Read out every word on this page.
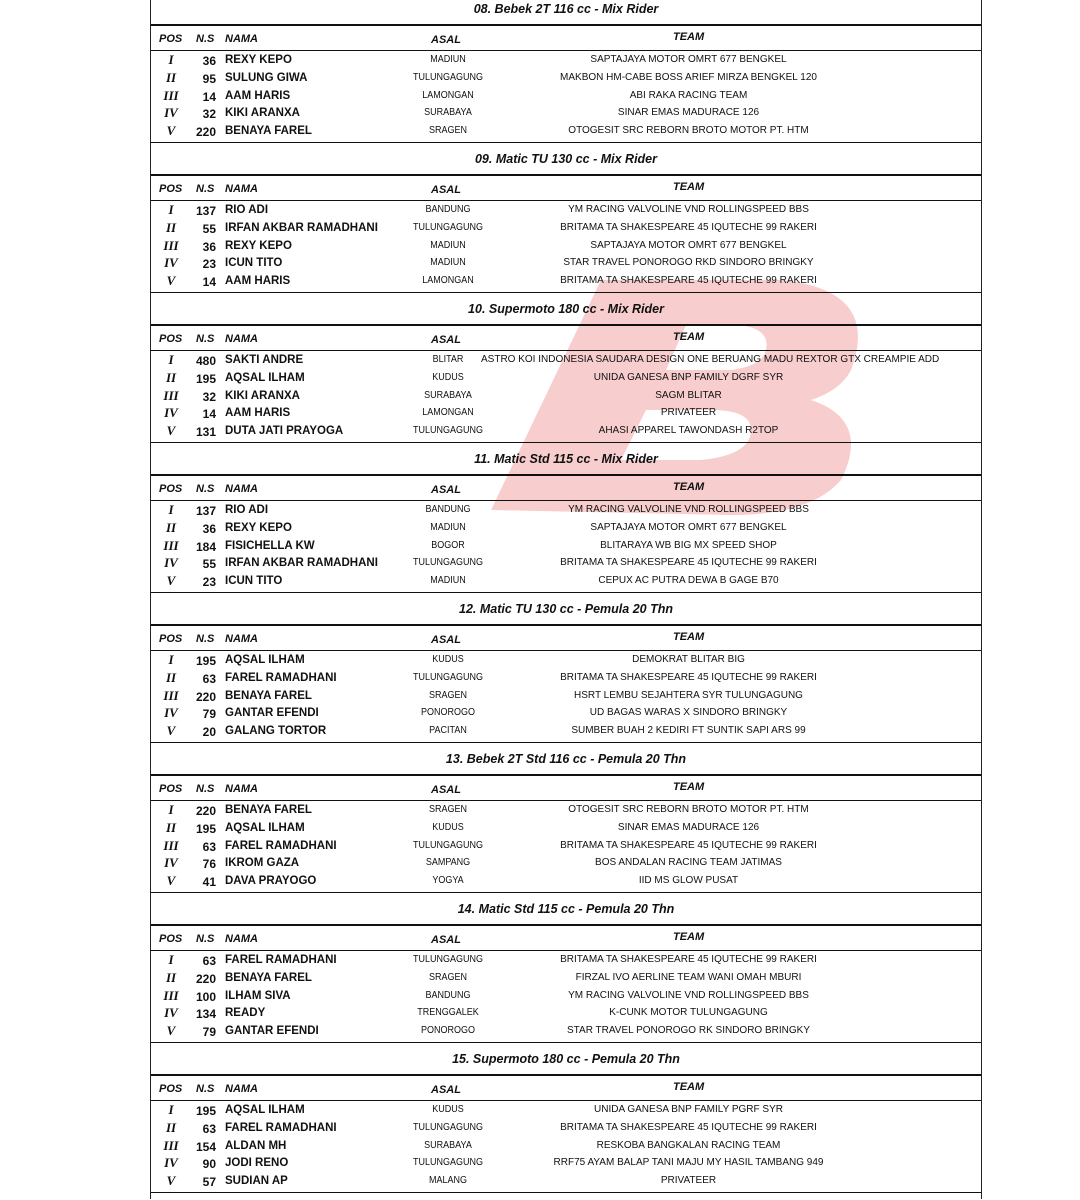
08. Bebek 2T 116 cc - Mix Rider
POS N.S NAMA	ASAL	TEAM
I	36 REXY KEPO	MADIUN	SAPTAJAYA MOTOR OMRT 677 BENGKEL
II	95 SULUNG GIWA	TULUNGAGUNG	MAKBON HM-CABE BOSS ARIEF MIRZA BENGKEL 120
III	14 AAM HARIS	LAMONGAN	ABI RAKA RACING TEAM
IV	32 KIKI ARANXA	SURABAYA	SINAR EMAS MADURACE 126
V	220 BENAYA FAREL	SRAGEN	OTOGESIT SRC REBORN BROTO MOTOR PT. HTM
09. Matic TU 130 cc - Mix Rider
POS N.S NAMA	ASAL	TEAM
I	137 RIO ADI	BANDUNG	YM RACING VALVOLINE VND ROLLINGSPEED BBS
II	55 IRFAN AKBAR RAMADHANI	TULUNGAGUNG	BRITAMA TA SHAKESPEARE 45 IQUTECHE 99 RAKERI
III	36 REXY KEPO	MADIUN	SAPTAJAYA MOTOR OMRT 677 BENGKEL
IV	23 ICUN TITO	MADIUN	STAR TRAVEL PONOROGO RKD SINDORO BRINGKY
V	14 AAM HARIS	LAMONGAN	BRITAMA TA SHAKESPEARE 45 IQUTECHE 99 RAKERI
10. Supermoto 180 cc - Mix Rider
POS N.S NAMA	ASAL	TEAM
I	480 SAKTI ANDRE	BLITAR	ASTRO KOI INDONESIA SAUDARA DESIGN ONE BERUANG MADU REXTOR GTX CREAMPIE ADD
II	195 AQSAL ILHAM	KUDUS	UNIDA GANESA BNP FAMILY DGRF SYR
III	32 KIKI ARANXA	SURABAYA	SAGM BLITAR
IV	14 AAM HARIS	LAMONGAN	PRIVATEER
V	131 DUTA JATI PRAYOGA	TULUNGAGUNG	AHASI APPAREL TAWONDASH R2TOP
11. Matic Std 115 cc - Mix Rider
POS N.S NAMA	ASAL	TEAM
I	137 RIO ADI	BANDUNG	YM RACING VALVOLINE VND ROLLINGSPEED BBS
II	36 REXY KEPO	MADIUN	SAPTAJAYA MOTOR OMRT 677 BENGKEL
III	184 FISICHELLA KW	BOGOR	BLITARAYA WB BIG MX SPEED SHOP
IV	55 IRFAN AKBAR RAMADHANI	TULUNGAGUNG	BRITAMA TA SHAKESPEARE 45 IQUTECHE 99 RAKERI
V	23 ICUN TITO	MADIUN	CEPUX AC PUTRA DEWA B GAGE B70
12. Matic TU 130 cc - Pemula 20 Thn
POS N.S NAMA	ASAL	TEAM
I	195 AQSAL ILHAM	KUDUS	DEMOKRAT BLITAR BIG
II	63 FAREL RAMADHANI	TULUNGAGUNG	BRITAMA TA SHAKESPEARE 45 IQUTECHE 99 RAKERI
III	220 BENAYA FAREL	SRAGEN	HSRT LEMBU SEJAHTERA SYR TULUNGAGUNG
IV	79 GANTAR EFENDI	PONOROGO	UD BAGAS WARAS X SINDORO BRINGKY
V	20 GALANG TORTOR	PACITAN	SUMBER BUAH 2 KEDIRI FT SUNTIK SAPI ARS 99
13. Bebek 2T Std 116 cc - Pemula 20 Thn
POS N.S NAMA	ASAL	TEAM
I	220 BENAYA FAREL	SRAGEN	OTOGESIT SRC REBORN BROTO MOTOR PT. HTM
II	195 AQSAL ILHAM	KUDUS	SINAR EMAS MADURACE 126
III	63 FAREL RAMADHANI	TULUNGAGUNG	BRITAMA TA SHAKESPEARE 45 IQUTECHE 99 RAKERI
IV	76 IKROM GAZA	SAMPANG	BOS ANDALAN RACING TEAM JATIMAS
V	41 DAVA PRAYOGO	YOGYA	IID MS GLOW PUSAT
14. Matic Std 115 cc - Pemula 20 Thn
POS N.S NAMA	ASAL	TEAM
I	63 FAREL RAMADHANI	TULUNGAGUNG	BRITAMA TA SHAKESPEARE 45 IQUTECHE 99 RAKERI
II	220 BENAYA FAREL	SRAGEN	FIRZAL IVO AERLINE TEAM WANI OMAH MBURI
III	100 ILHAM SIVA	BANDUNG	YM RACING VALVOLINE VND ROLLINGSPEED BBS
IV	134 READY	TRENGGALEK	K-CUNK MOTOR TULUNGAGUNG
V	79 GANTAR EFENDI	PONOROGO	STAR TRAVEL PONOROGO RK SINDORO BRINGKY
15. Supermoto 180 cc - Pemula 20 Thn
POS N.S NAMA	ASAL	TEAM
I	195 AQSAL ILHAM	KUDUS	UNIDA GANESA BNP FAMILY PGRF SYR
II	63 FAREL RAMADHANI	TULUNGAGUNG	BRITAMA TA SHAKESPEARE 45 IQUTECHE 99 RAKERI
III	154 ALDAN MH	SURABAYA	RESKOBA BANGKALAN RACING TEAM
IV	90 JODI RENO	TULUNGAGUNG	RRF75 AYAM BALAP TANI MAJU MY HASIL TAMBANG 949
V	57 SUDIAN AP	MALANG	PRIVATEER
